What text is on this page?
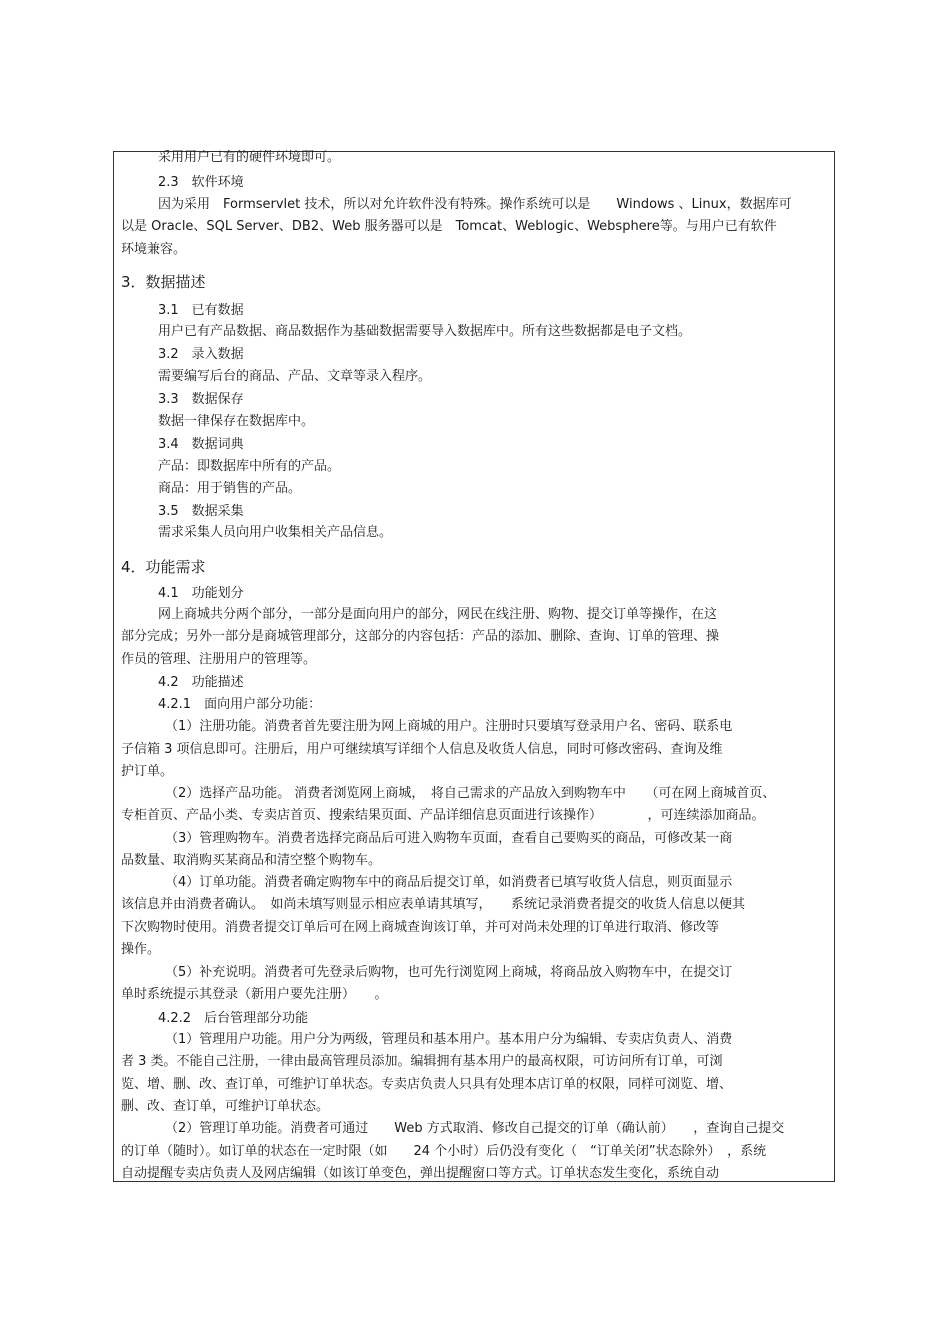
采用用户已有的硬件环境即可。
2.3　软件环境
因为采用　Formservlet 技术，所以对允许软件没有特殊。操作系统可以是　　Windows 、Linux，数据库可
以是 Oracle、SQL Server、DB2、Web 服务器可以是　Tomcat、Weblogic、Websphere等。与用户已有软件
环境兼容。
3．数据描述
3.1　已有数据
用户已有产品数据、商品数据作为基础数据需要导入数据库中。所有这些数据都是电子文档。
3.2　录入数据
需要编写后台的商品、产品、文章等录入程序。
3.3　数据保存
数据一律保存在数据库中。
3.4　数据词典
产品：即数据库中所有的产品。
商品：用于销售的产品。
3.5　数据采集
需求采集人员向用户收集相关产品信息。
4．功能需求
4.1　功能划分
网上商城共分两个部分，一部分是面向用户的部分，网民在线注册、购物、提交订单等操作，在这
部分完成；另外一部分是商城管理部分，这部分的内容包括：产品的添加、删除、查询、订单的管理、操
作员的管理、注册用户的管理等。
4.2　功能描述
4.2.1　面向用户部分功能：
（1）注册功能。消费者首先要注册为网上商城的用户。注册时只要填写登录用户名、密码、联系电
子信箱 3 项信息即可。注册后，用户可继续填写详细个人信息及收货人信息，同时可修改密码、查询及维
护订单。
（2）选择产品功能。 消费者浏览网上商城，　将自己需求的产品放入到购物车中　　（可在网上商城首页、
专柜首页、产品小类、专卖店首页、搜索结果页面、产品详细信息页面进行该操作）　　　　，可连续添加商品。
（3）管理购物车。消费者选择完商品后可进入购物车页面，查看自己要购买的商品，可修改某一商
品数量、取消购买某商品和清空整个购物车。
（4）订单功能。消费者确定购物车中的商品后提交订单，如消费者已填写收货人信息，则页面显示
该信息并由消费者确认。　如尚未填写则显示相应表单请其填写，　　系统记录消费者提交的收货人信息以便其
下次购物时使用。消费者提交订单后可在网上商城查询该订单，并可对尚未处理的订单进行取消、修改等
操作。
（5）补充说明。消费者可先登录后购物，也可先行浏览网上商城，将商品放入购物车中，在提交订
单时系统提示其登录（新用户要先注册）　　。
4.2.2　后台管理部分功能
（1）管理用户功能。用户分为两级，管理员和基本用户。基本用户分为编辑、专卖店负责人、消费
者 3 类。不能自己注册，一律由最高管理员添加。编辑拥有基本用户的最高权限，可访问所有订单，可浏
览、增、删、改、查订单，可维护订单状态。专卖店负责人只具有处理本店订单的权限，同样可浏览、增、
删、改、查订单，可维护订单状态。
（2）管理订单功能。消费者可通过　　Web 方式取消、修改自己提交的订单（确认前）　　，查询自己提交
的订单（随时）。如订单的状态在一定时限（如　　24 个小时）后仍没有变化（　“订单关闭”状态除外）　，系统
自动提醒专卖店负责人及网店编辑（如该订单变色，弹出提醒窗口等方式。订单状态发生变化，系统自动
